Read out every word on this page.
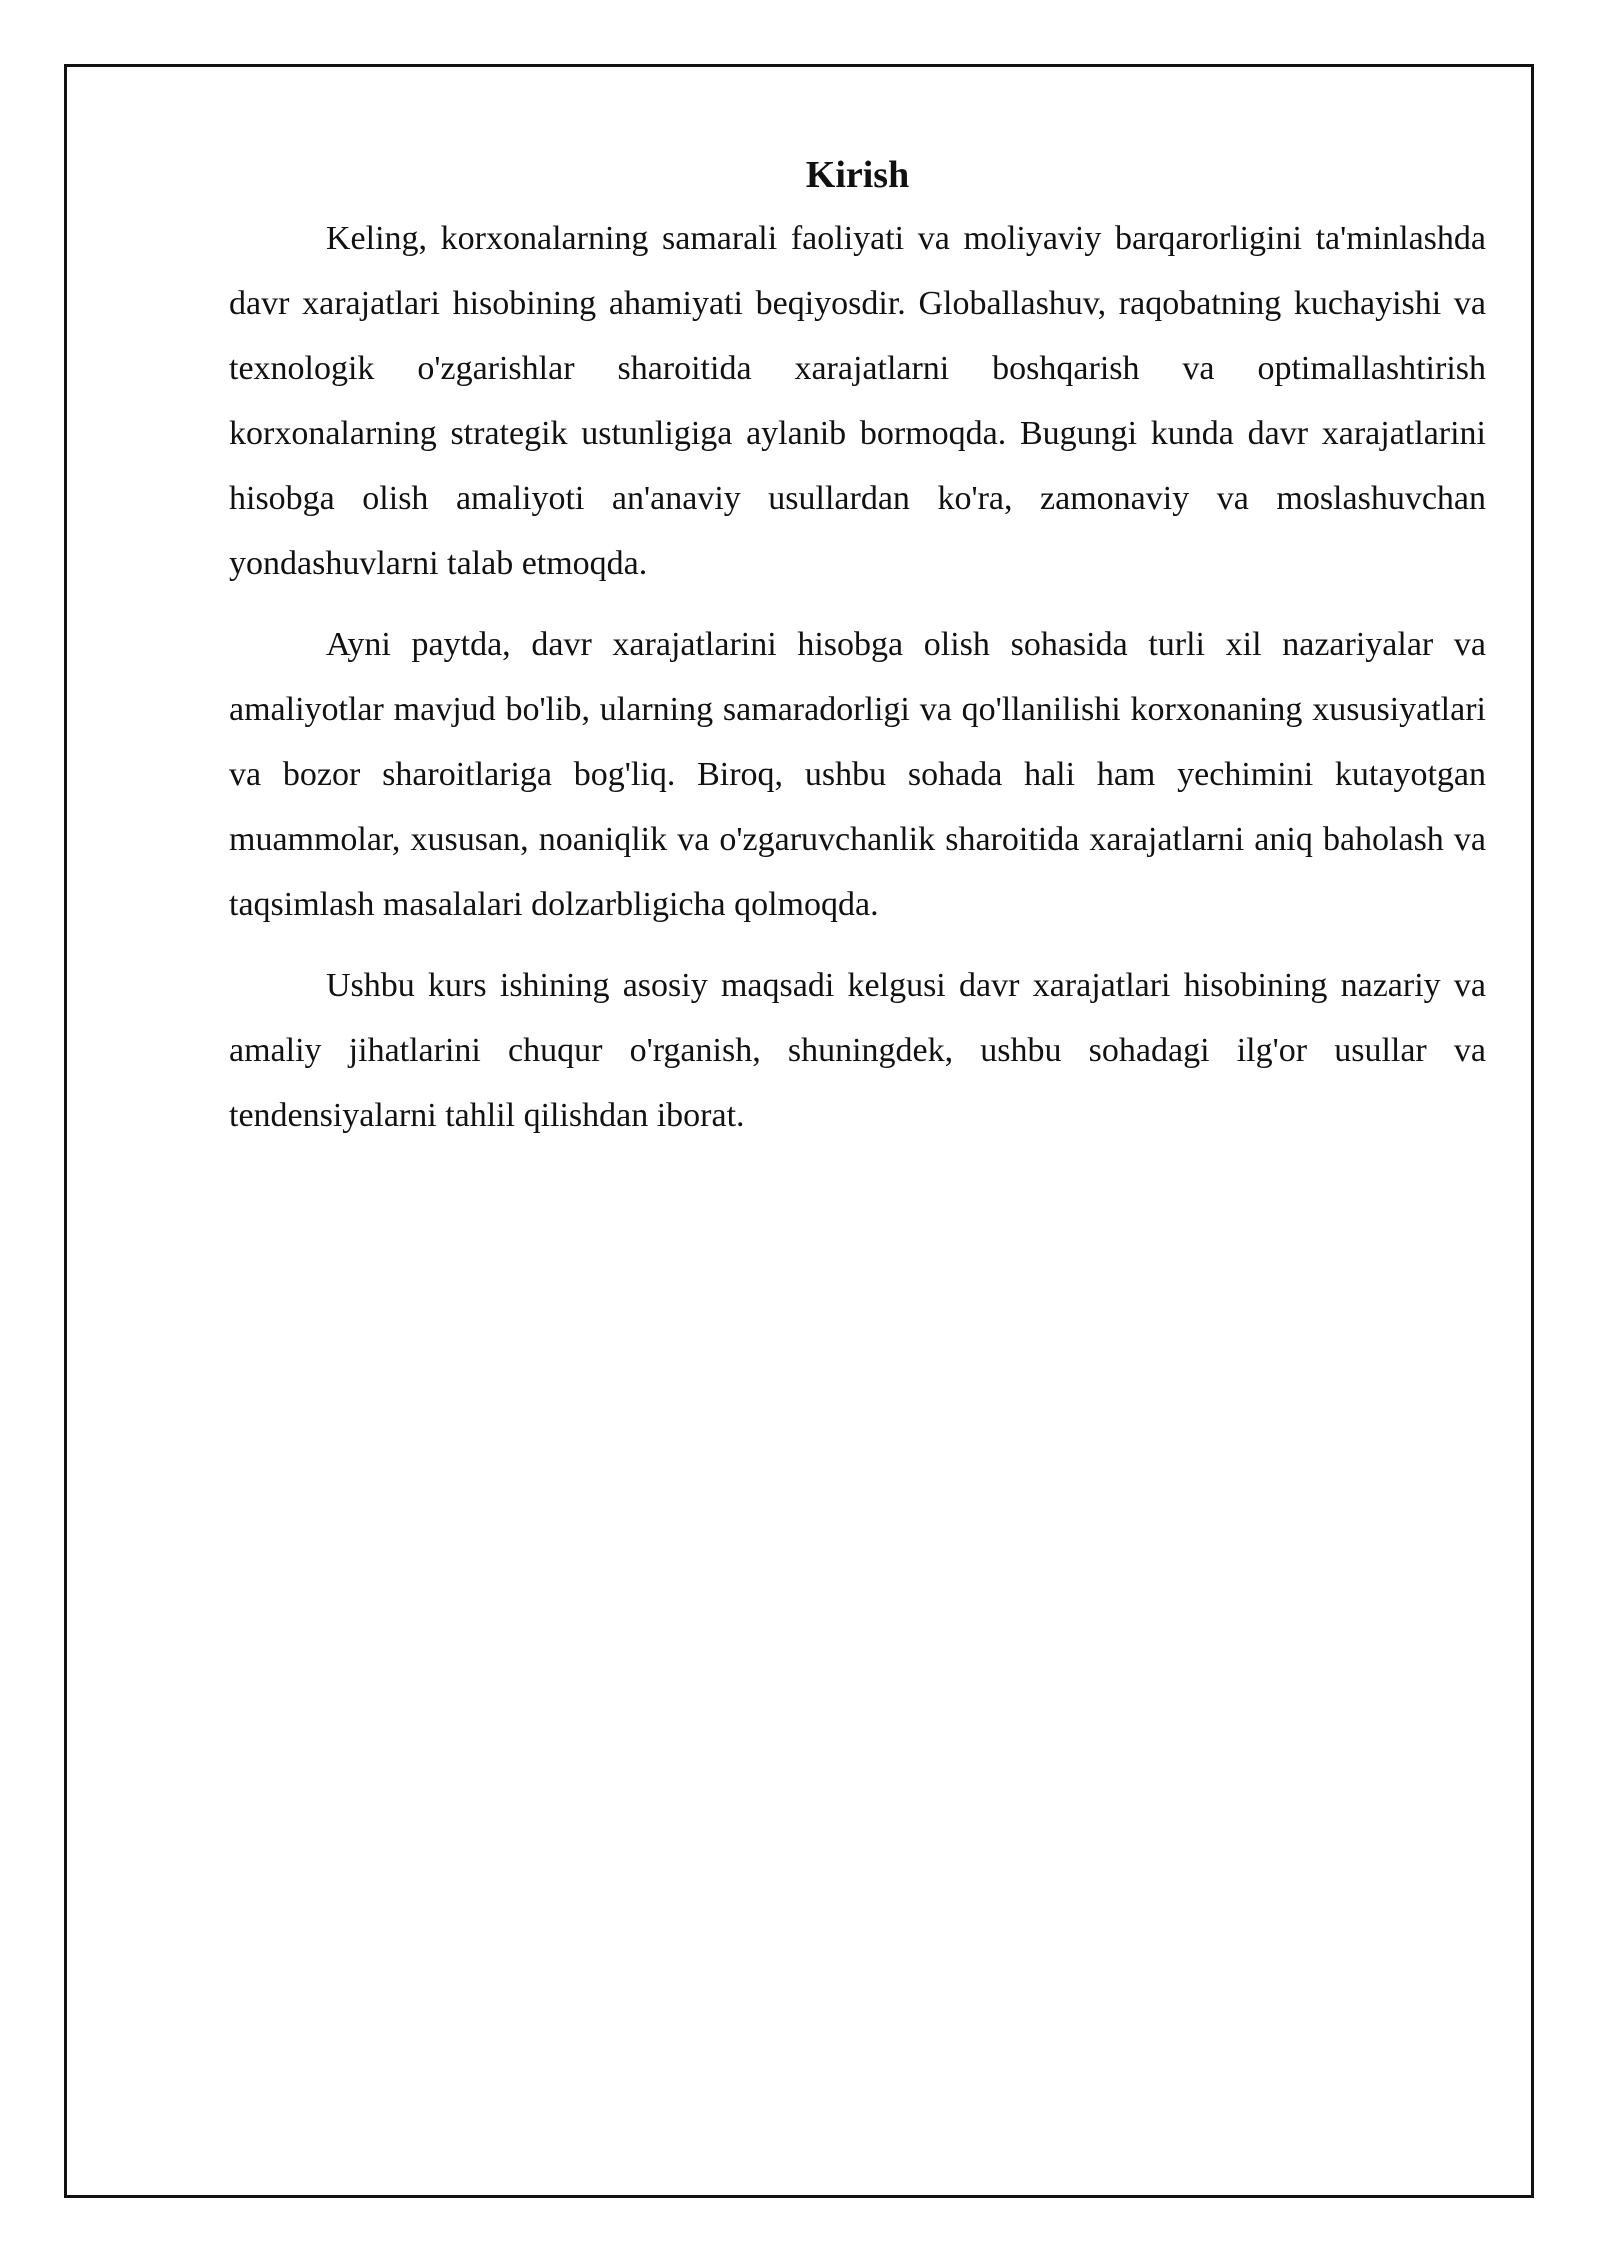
Kirish

Keling, korxonalarning samarali faoliyati va moliyaviy barqarorligini ta'minlashda davr xarajatlari hisobining ahamiyati beqiyosdir. Globallashuv, raqobatning kuchayishi va texnologik o'zgarishlar sharoitida xarajatlarni boshqarish va optimallashtirish korxonalarning strategik ustunligiga aylanib bormoqda. Bugungi kunda davr xarajatlarini hisobga olish amaliyoti an'anaviy usullardan ko'ra, zamonaviy va moslashuvchan yondashuvlarni talab etmoqda.

Ayni paytda, davr xarajatlarini hisobga olish sohasida turli xil nazariyalar va amaliyotlar mavjud bo'lib, ularning samaradorligi va qo'llanilishi korxonaning xususiyatlari va bozor sharoitlariga bog'liq. Biroq, ushbu sohada hali ham yechimini kutayotgan muammolar, xususan, noaniqlik va o'zgaruvchanlik sharoitida xarajatlarni aniq baholash va taqsimlash masalalari dolzarbligicha qolmoqda.

Ushbu kurs ishining asosiy maqsadi kelgusi davr xarajatlari hisobining nazariy va amaliy jihatlarini chuqur o'rganish, shuningdek, ushbu sohadagi ilg'or usullar va tendensiyalarni tahlil qilishdan iborat.
